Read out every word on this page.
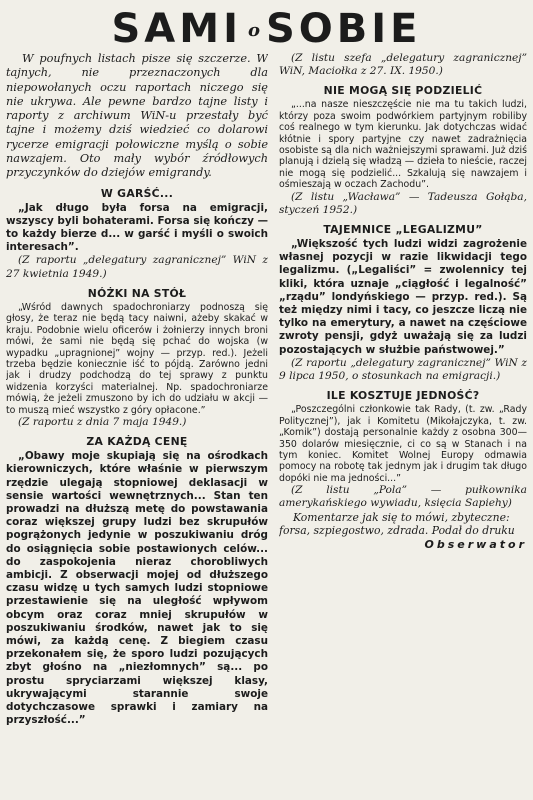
SAMI o SOBIE

W poufnych listach pisze się szczerze. W tajnych, nie przeznaczonych dla niepowołanych oczu raportach niczego się nie ukrywa. Ale pewne bardzo tajne listy i raporty z archiwum WiN-u przestały być tajne i możemy dziś wiedzieć co dolarowi rycerze emigracji połowiczne myślą o sobie nawzajem. Oto mały wybór źródłowych przyczynków do dziejów emigrandy.

W GARŚĆ...

„Jak długo była forsa na emigracji, wszyscy byli bohaterami. Forsa się kończy — to każdy bierze d... w garść i myśli o swoich interesach”.

(Z raportu „delegatury zagranicznej” WiN z 27 kwietnia 1949.)

NÓŻKI NA STÓŁ

„Wśród dawnych spadochroniarzy podnoszą się głosy, że teraz nie będą tacy naiwni, ażeby skakać w kraju. Podobnie wielu oficerów i żołnierzy innych broni mówi, że sami nie będą się pchać do wojska (w wypadku „upragnionej” wojny — przyp. red.). Jeżeli trzeba będzie koniecznie iść to pójdą. Zarówno jedni jak i drudzy podchodzą do tej sprawy z punktu widzenia korzyści materialnej. Np. spadochroniarze mówią, że jeżeli zmuszono by ich do udziału w akcji — to muszą mieć wszystko z góry opłacone.”

(Z raportu z dnia 7 maja 1949.)

ZA KAŻDĄ CENĘ

„Obawy moje skupiają się na ośrodkach kierowniczych, które właśnie w pierwszym rzędzie ulegają stopniowej deklasacji w sensie wartości wewnętrznych... Stan ten prowadzi na dłuższą metę do powstawania coraz większej grupy ludzi bez skrupułów pogrążonych jedynie w poszukiwaniu dróg do osiągnięcia sobie postawionych celów... do zaspokojenia nieraz chorobliwych ambicji. Z obserwacji mojej od dłuższego czasu widzę u tych samych ludzi stopniowe przestawienie się na uległość wpływom obcym oraz coraz mniej skrupułów w poszukiwaniu środków, nawet jak to się mówi, za każdą cenę. Z biegiem czasu przekonałem się, że sporo ludzi pozujących zbyt głośno na „niezłomnych” są... po prostu spryciarzami większej klasy, ukrywającymi starannie swoje dotychczasowe sprawki i zamiary na przyszłość...”

(Z listu szefa „delegatury zagranicznej” WiN, Maciołka z 27. IX. 1950.)

NIE MOGĄ SIĘ PODZIELIĆ

„...na nasze nieszczęście nie ma tu takich ludzi, którzy poza swoim podwórkiem partyjnym robiliby coś realnego w tym kierunku. Jak dotychczas widać kłótnie i spory partyjne czy nawet zadrażnięcia osobiste są dla nich ważniejszymi sprawami. Już dziś planują i dzielą się władzą — dzieła to nieście, raczej nie mogą się podzielić... Szkalują się nawzajem i ośmieszają w oczach Zachodu”.

(Z listu „Wacława” — Tadeusza Gołąba, styczeń 1952.)

TAJEMNICE „LEGALIZMU”

„Większość tych ludzi widzi zagrożenie własnej pozycji w razie likwidacji tego legalizmu. („Legaliści” = zwolennicy tej kliki, która uznaje „ciągłość i legalność” „rządu” londyńskiego — przyp. red.). Są też między nimi i tacy, co jeszcze liczą nie tylko na emerytury, a nawet na częściowe zwroty pensji, gdyż uważają się za ludzi pozostających w służbie państwowej.”

(Z raportu „delegatury zagranicznej” WiN z 9 lipca 1950, o stosunkach na emigracji.)

ILE KOSZTUJE JEDNOŚĆ?

„Poszczególni członkowie tak Rady, (t. zw. „Rady Politycznej”), jak i Komitetu (Mikołajczyka, t. zw. „Komik”) dostają personalnie każdy z osobna 300—350 dolarów miesięcznie, ci co są w Stanach i na tym koniec. Komitet Wolnej Europy odmawia pomocy na robotę tak jednym jak i drugim tak długo dopóki nie ma jedności...”

(Z listu „Pola” — pułkownika amerykańskiego wywiadu, księcia Sapiehy)

Komentarze jak się to mówi, zbyteczne: forsa, szpiegostwo, zdrada. Podał do druku

Obserwator
